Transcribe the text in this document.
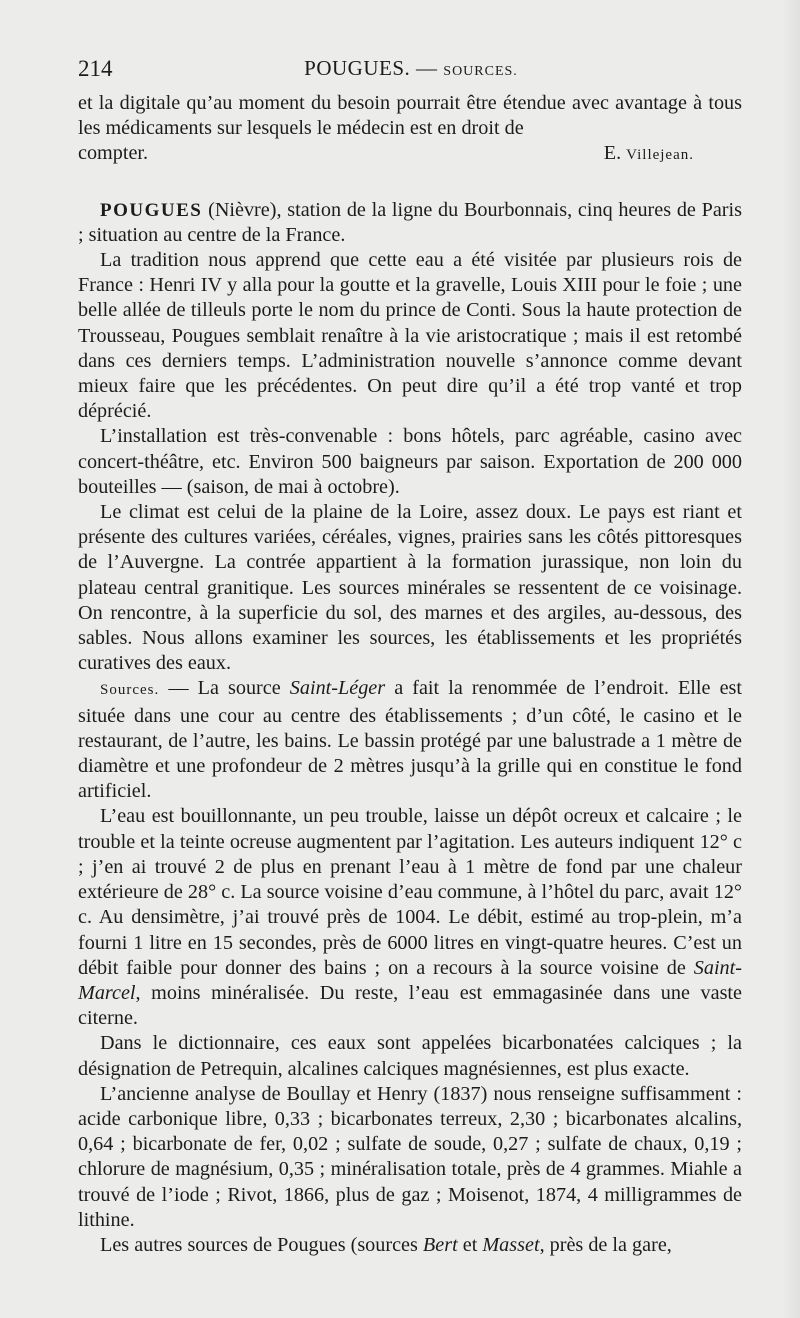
214	POUGUES. — SOURCES.

et la digitale qu’au moment du besoin pourrait être étendue avec avantage à tous les médicaments sur lesquels le médecin est en droit de

compter.	E. Villejean.

POUGUES (Nièvre), station de la ligne du Bourbonnais, cinq heures de Paris ; situation au centre de la France.

La tradition nous apprend que cette eau a été visitée par plusieurs rois de France : Henri IV y alla pour la goutte et la gravelle, Louis XIII pour le foie ; une belle allée de tilleuls porte le nom du prince de Conti. Sous la haute protection de Trousseau, Pougues semblait renaître à la vie aristocratique ; mais il est retombé dans ces derniers temps. L’administration nouvelle s’annonce comme devant mieux faire que les précédentes. On peut dire qu’il a été trop vanté et trop déprécié.

L’installation est très-convenable : bons hôtels, parc agréable, casino avec concert-théâtre, etc. Environ 500 baigneurs par saison. Exportation de 200 000 bouteilles — (saison, de mai à octobre).

Le climat est celui de la plaine de la Loire, assez doux. Le pays est riant et présente des cultures variées, céréales, vignes, prairies sans les côtés pittoresques de l’Auvergne. La contrée appartient à la formation jurassique, non loin du plateau central granitique. Les sources minérales se ressentent de ce voisinage. On rencontre, à la superficie du sol, des marnes et des argiles, au-dessous, des sables. Nous allons examiner les sources, les établissements et les propriétés curatives des eaux.

Sources. — La source Saint-Léger a fait la renommée de l’endroit. Elle est située dans une cour au centre des établissements ; d’un côté, le casino et le restaurant, de l’autre, les bains. Le bassin protégé par une balustrade a 1 mètre de diamètre et une profondeur de 2 mètres jusqu’à la grille qui en constitue le fond artificiel.

L’eau est bouillonnante, un peu trouble, laisse un dépôt ocreux et calcaire ; le trouble et la teinte ocreuse augmentent par l’agitation. Les auteurs indiquent 12° c ; j’en ai trouvé 2 de plus en prenant l’eau à 1 mètre de fond par une chaleur extérieure de 28° c. La source voisine d’eau commune, à l’hôtel du parc, avait 12° c. Au densimètre, j’ai trouvé près de 1004. Le débit, estimé au trop-plein, m’a fourni 1 litre en 15 secondes, près de 6000 litres en vingt-quatre heures. C’est un débit faible pour donner des bains ; on a recours à la source voisine de Saint-Marcel, moins minéralisée. Du reste, l’eau est emmagasinée dans une vaste citerne.

Dans le dictionnaire, ces eaux sont appelées bicarbonatées calciques ; la désignation de Petrequin, alcalines calciques magnésiennes, est plus exacte.

L’ancienne analyse de Boullay et Henry (1837) nous renseigne suffisamment : acide carbonique libre, 0,33 ; bicarbonates terreux, 2,30 ; bicarbonates alcalins, 0,64 ; bicarbonate de fer, 0,02 ; sulfate de soude, 0,27 ; sulfate de chaux, 0,19 ; chlorure de magnésium, 0,35 ; minéralisation totale, près de 4 grammes. Miahle a trouvé de l’iode ; Rivot, 1866, plus de gaz ; Moisenot, 1874, 4 milligrammes de lithine.

Les autres sources de Pougues (sources Bert et Masset, près de la gare,
